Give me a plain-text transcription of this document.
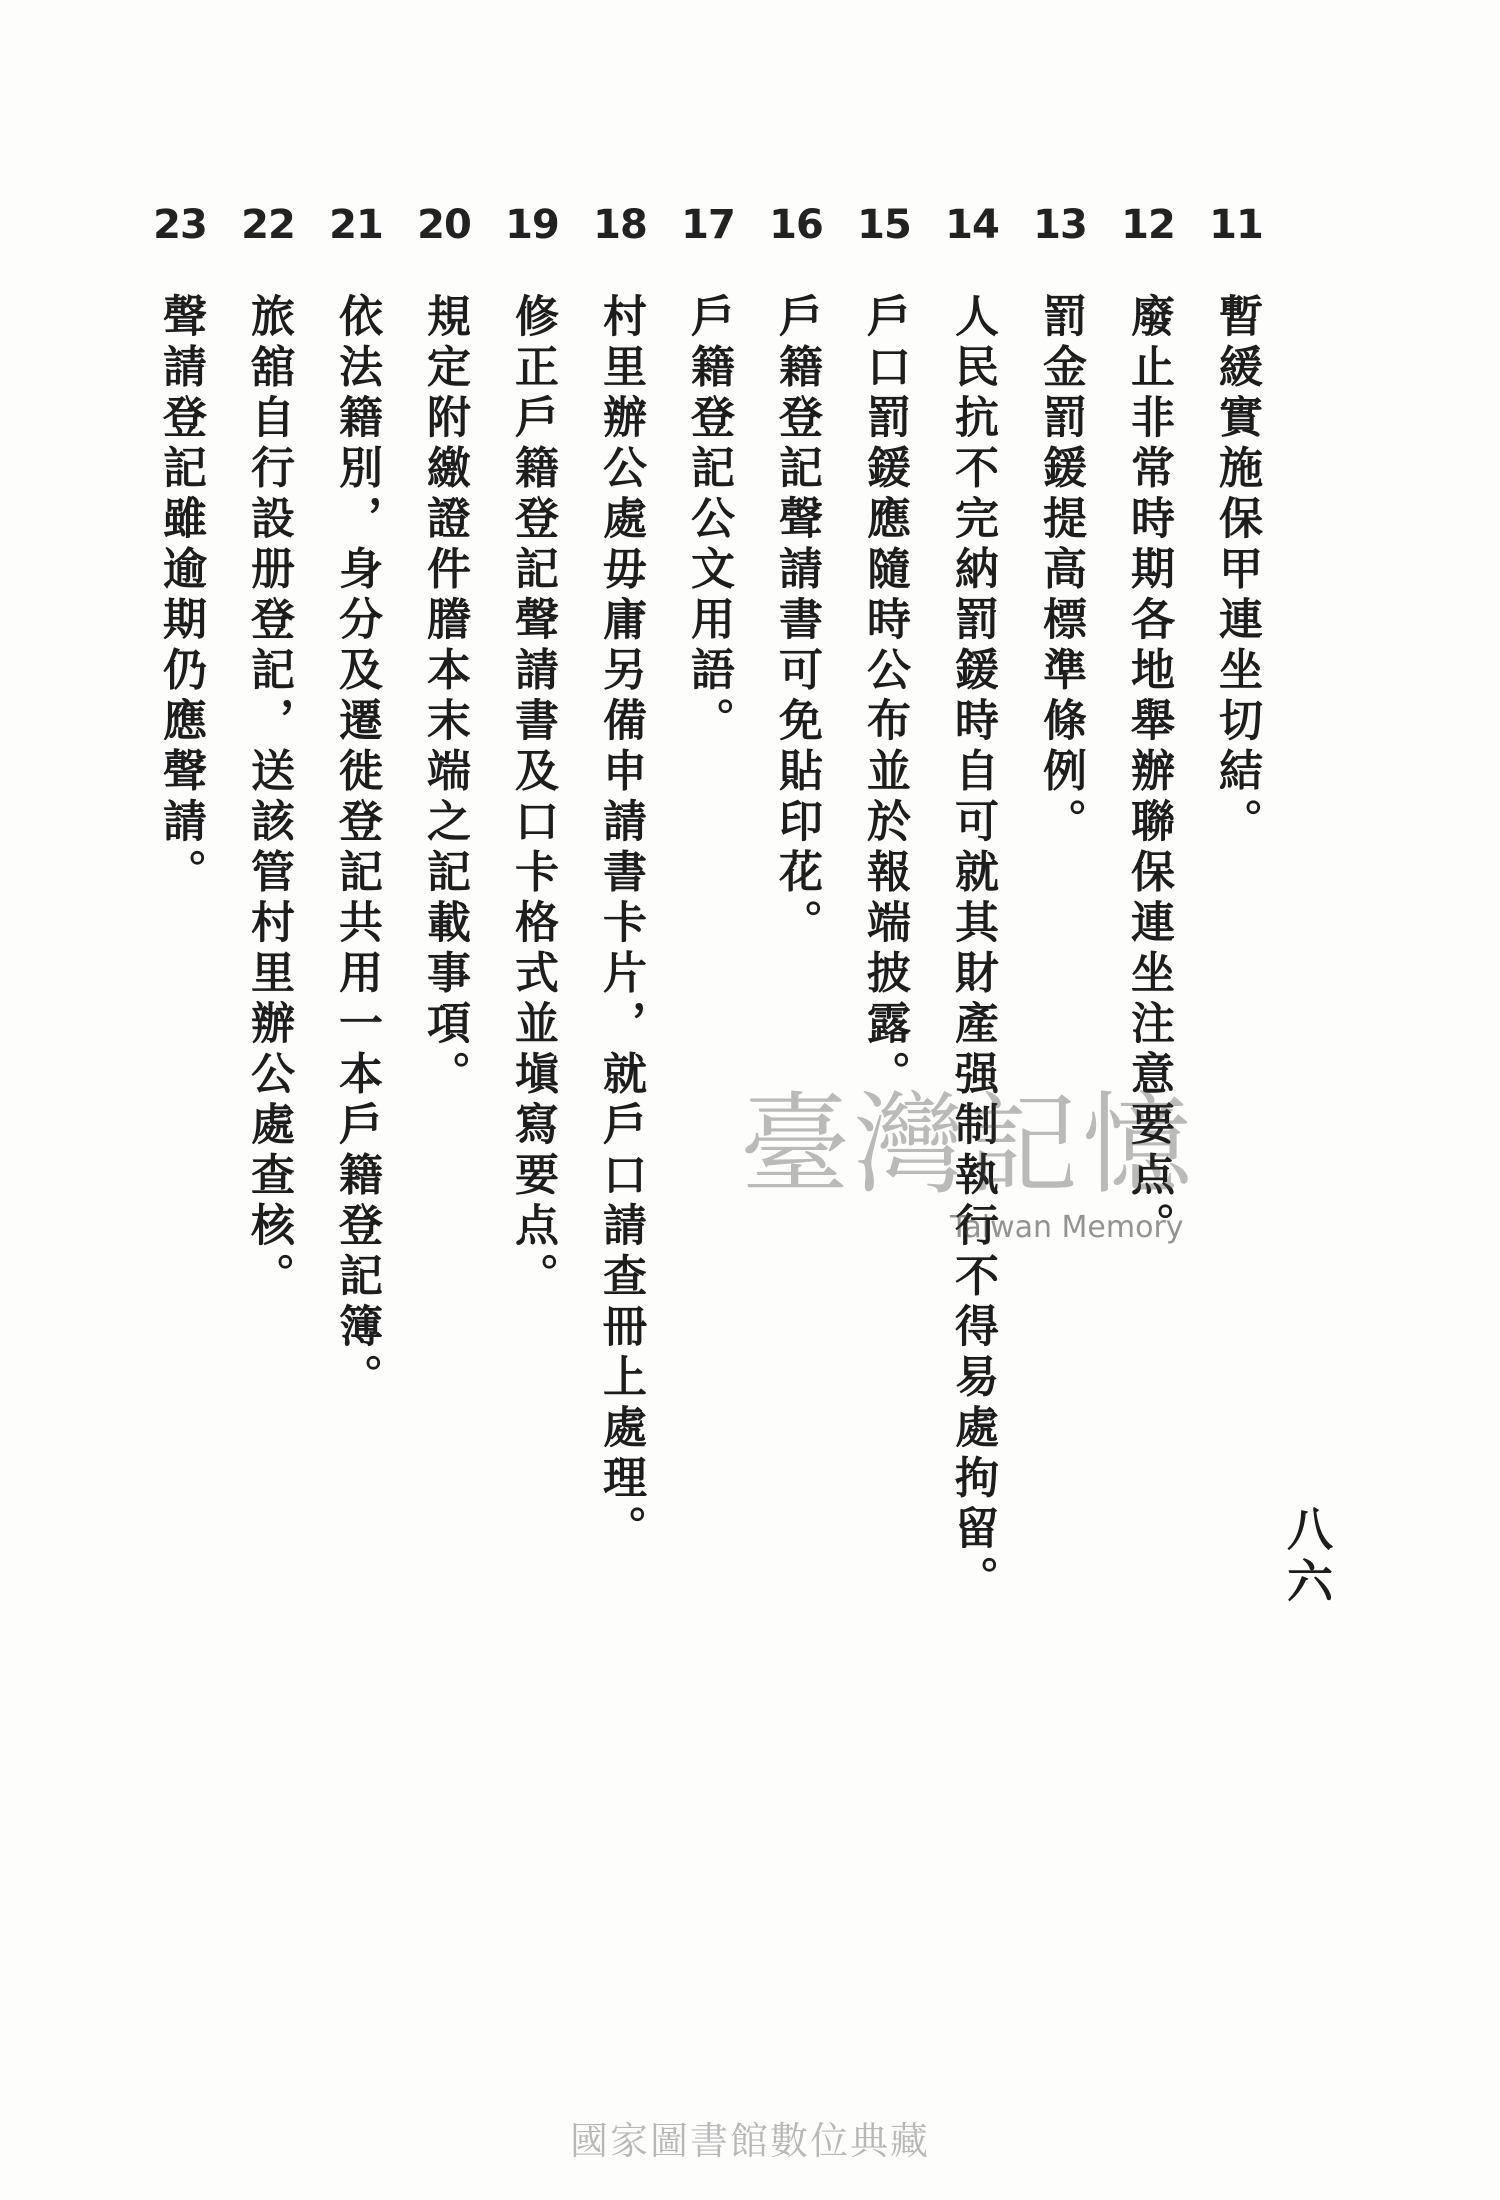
11
暫緩實施保甲連坐切結。
12
廢止非常時期各地舉辦聯保連坐注意要点。
13
罰金罰鍰提高標準條例。
14
人民抗不完納罰鍰時自可就其財產强制執行不得易處拘留。
15
戶口罰鍰應隨時公布並於報端披露。
16
戶籍登記聲請書可免貼印花。
17
戶籍登記公文用語。
18
村里辦公處毋庸另備申請書卡片，就戶口請查冊上處理。
19
修正戶籍登記聲請書及口卡格式並塡寫要点。
20
規定附繳證件謄本末端之記載事項。
21
依法籍別，身分及遷徙登記共用一本戶籍登記簿。
22
旅舘自行設册登記，送該管村里辦公處查核。
23
聲請登記雖逾期仍應聲請。
八六
臺灣記憶
Taiwan Memory
國家圖書館數位典藏
